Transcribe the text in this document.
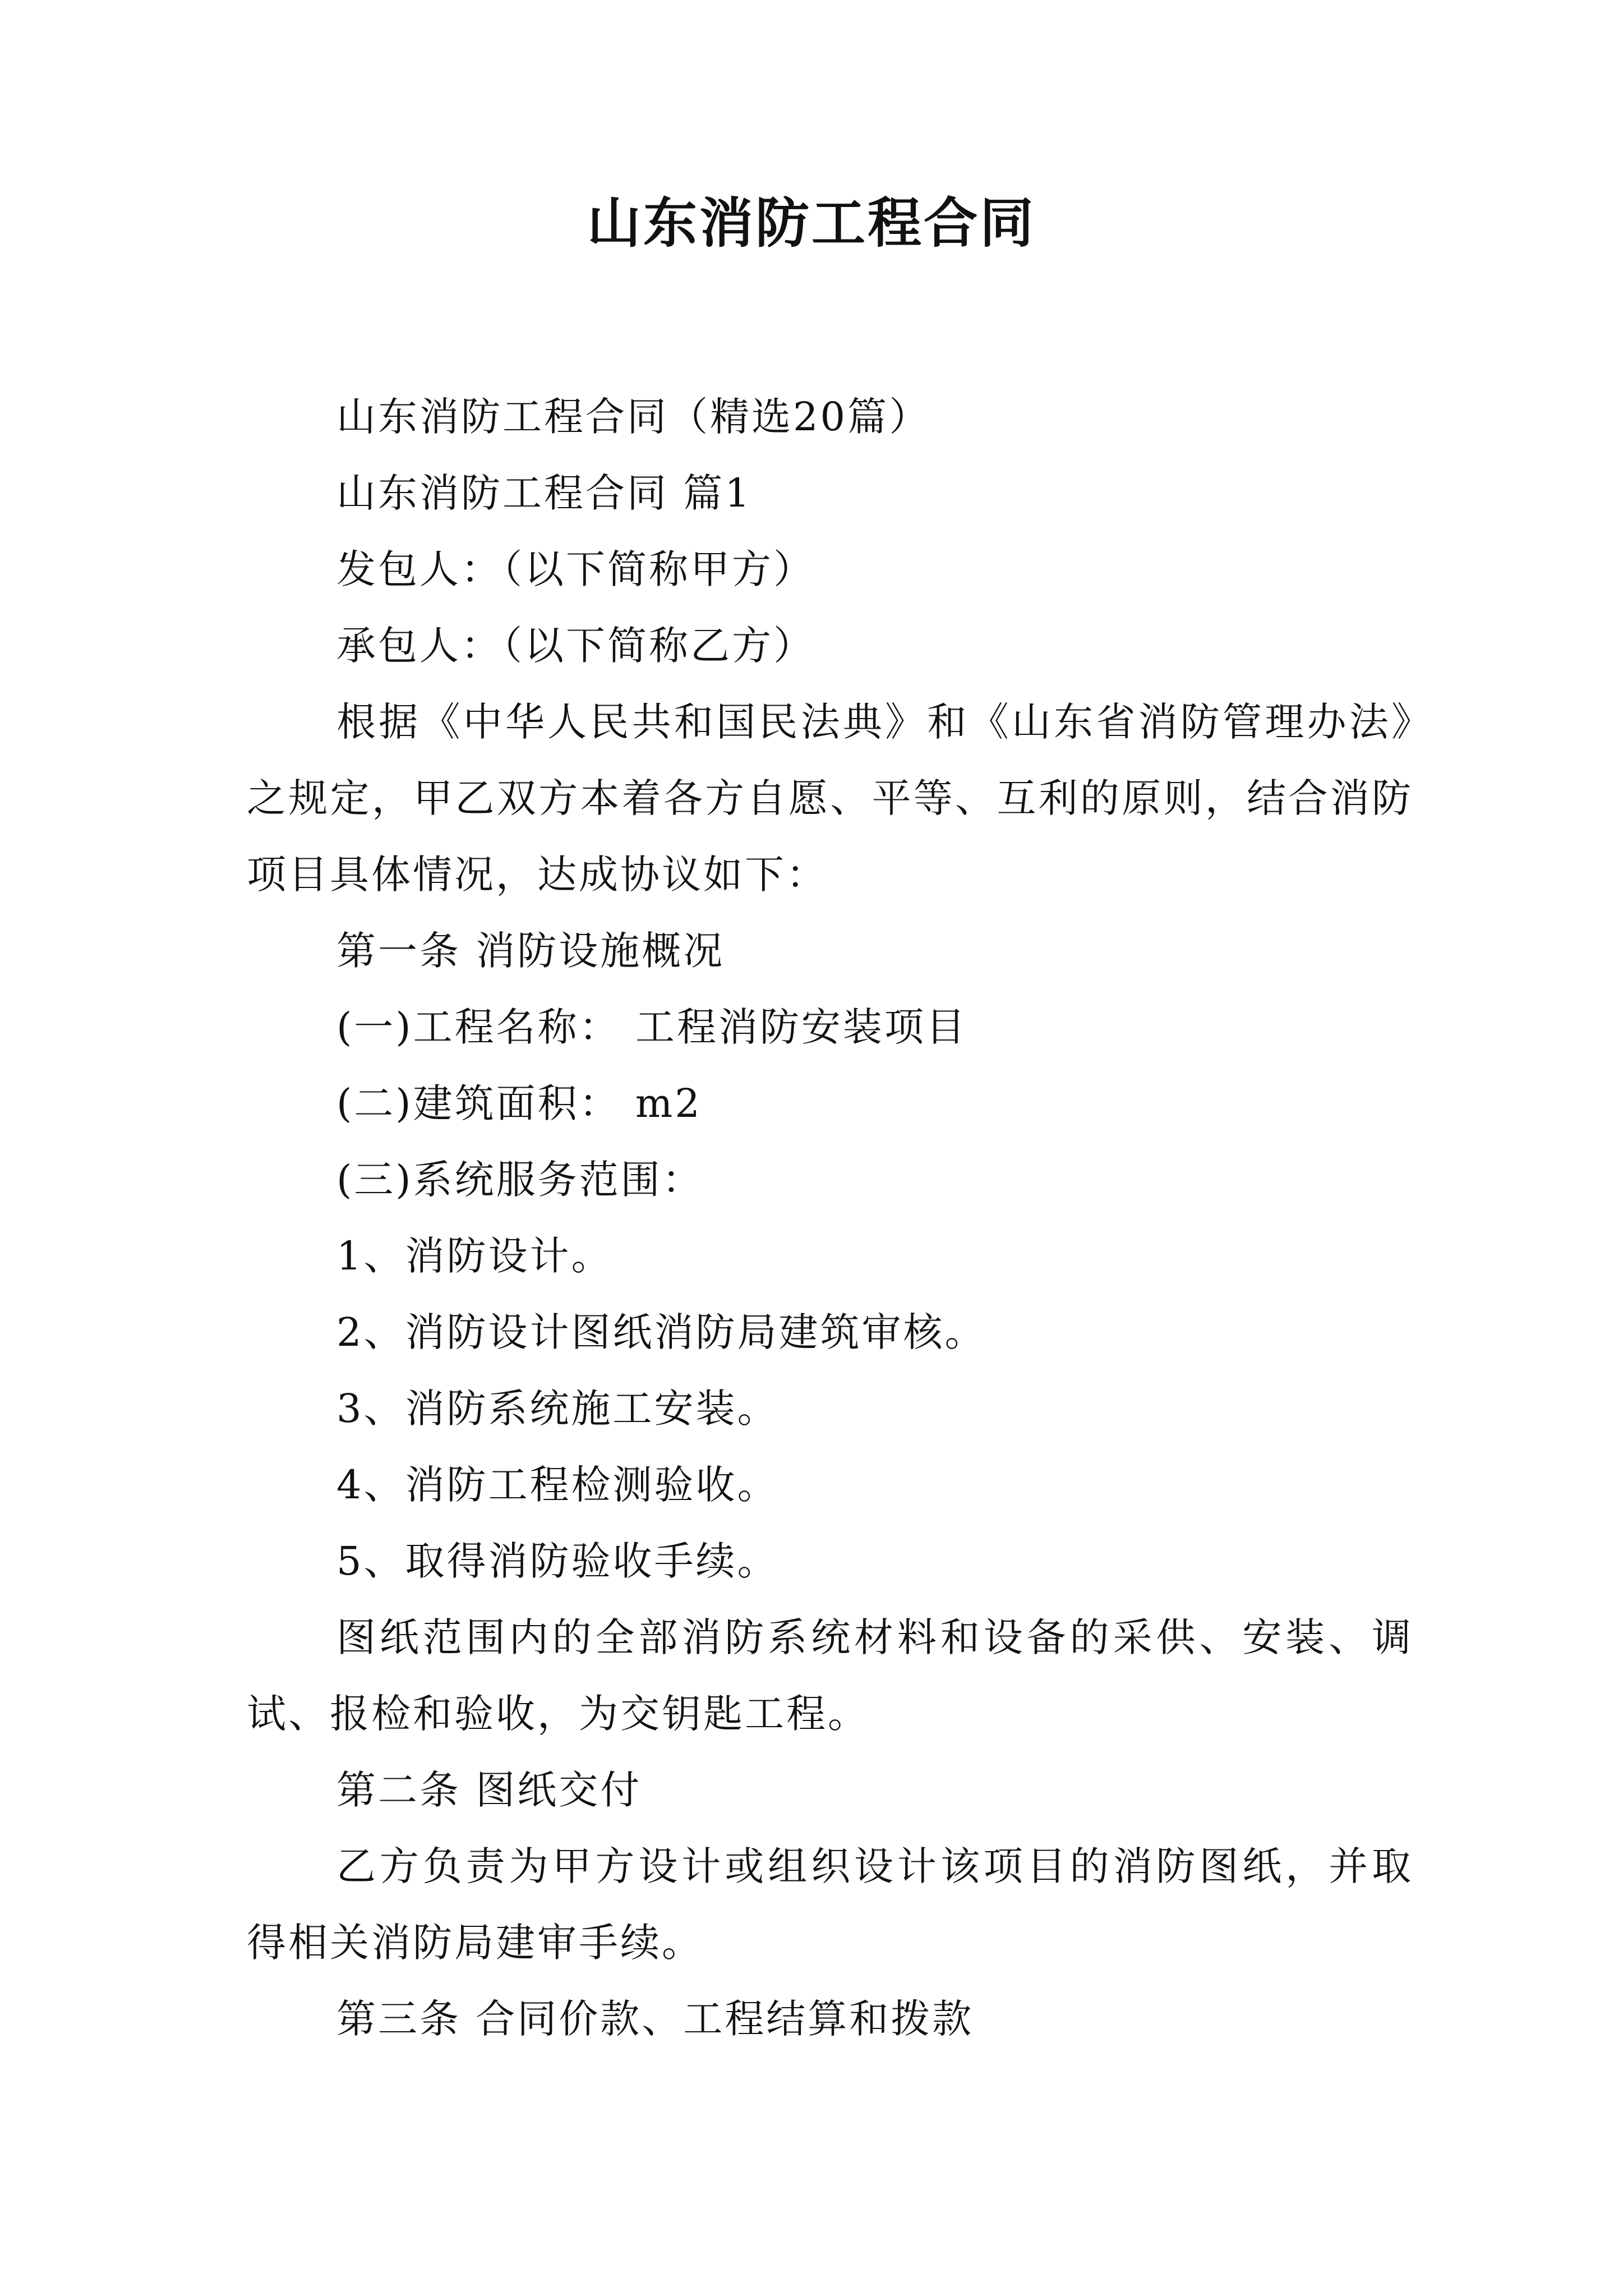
山东消防工程合同

山东消防工程合同（精选20篇）

山东消防工程合同 篇1

发包人：（以下简称甲方）

承包人：（以下简称乙方）

根据《中华人民共和国民法典》和《山东省消防管理办法》之规定，甲乙双方本着各方自愿、平等、互利的原则，结合消防项目具体情况，达成协议如下：

第一条 消防设施概况

(一)工程名称： 工程消防安装项目

(二)建筑面积： m2

(三)系统服务范围：

1、消防设计。

2、消防设计图纸消防局建筑审核。

3、消防系统施工安装。

4、消防工程检测验收。

5、取得消防验收手续。

图纸范围内的全部消防系统材料和设备的采供、安装、调试、报检和验收，为交钥匙工程。

第二条 图纸交付

乙方负责为甲方设计或组织设计该项目的消防图纸，并取得相关消防局建审手续。

第三条 合同价款、工程结算和拨款
